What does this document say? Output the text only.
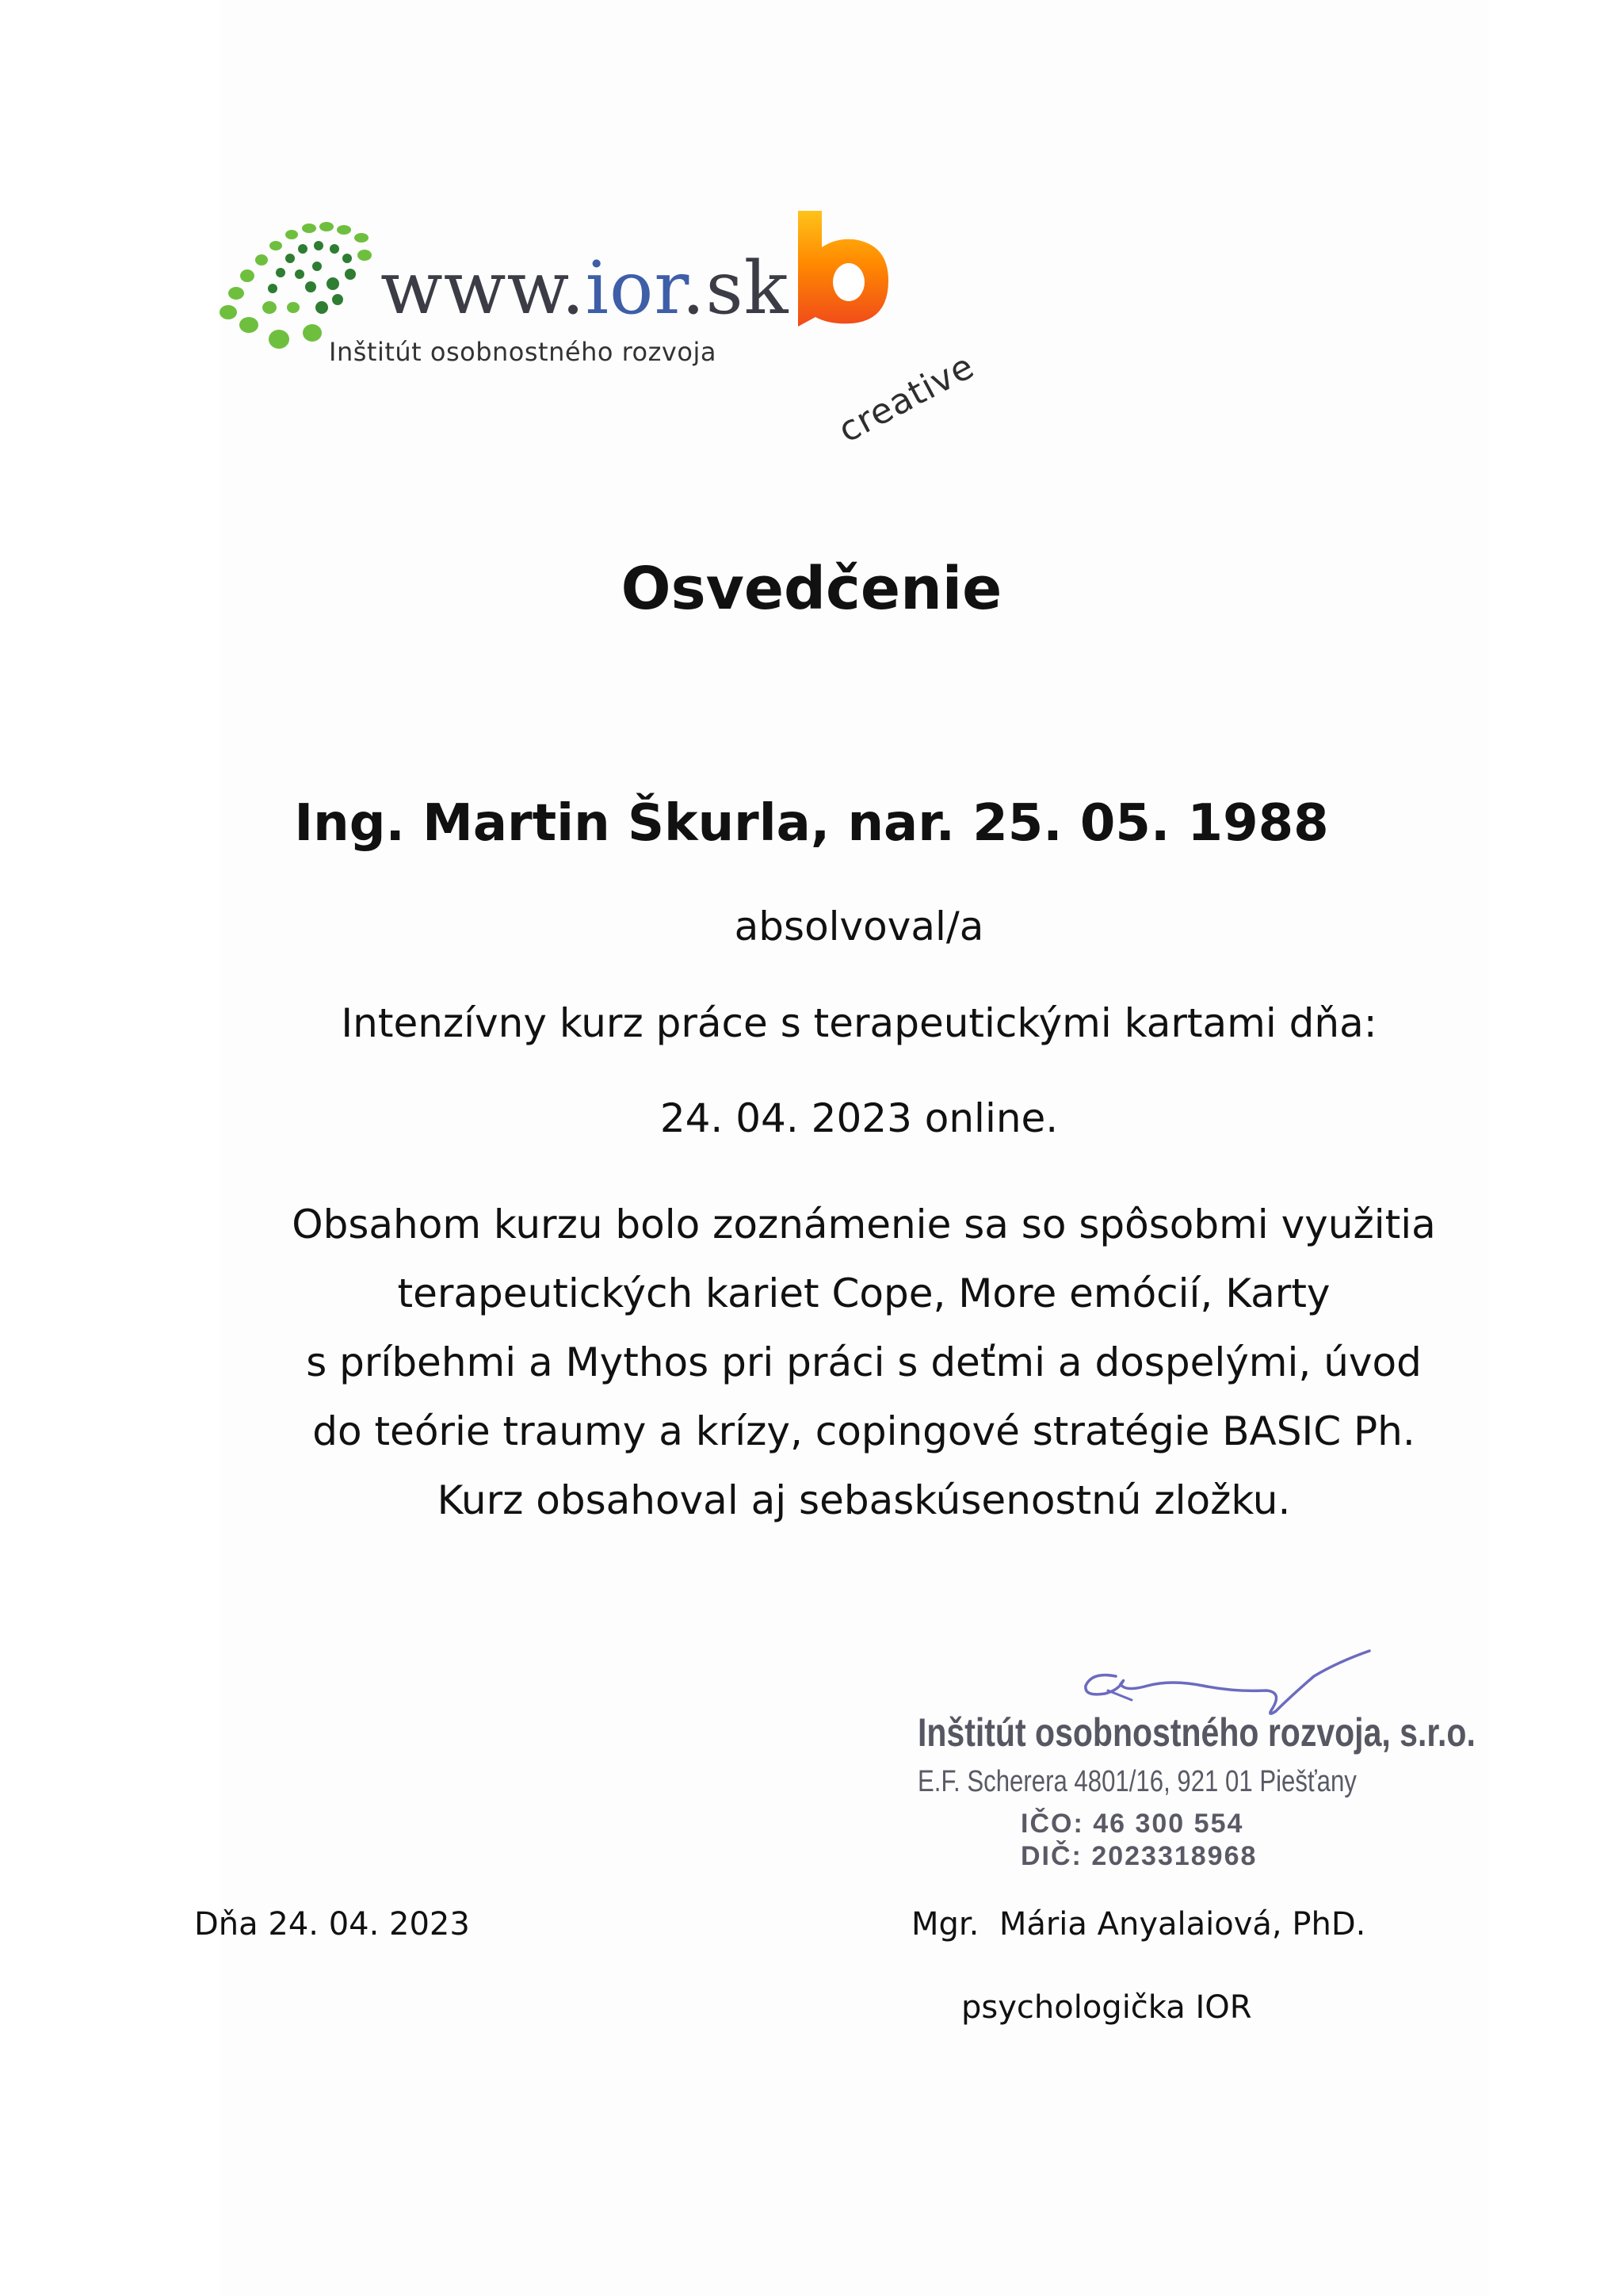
www.ior.sk
Inštitút osobnostného rozvoja	creative
Osvedčenie
Ing. Martin Škurla, nar. 25. 05. 1988
absolvoval/a
Intenzívny kurz práce s terapeutickými kartami dňa:
24. 04. 2023 online.
Obsahom kurzu bolo zoznámenie sa so spôsobmi využitia
terapeutických kariet Cope, More emócií, Karty
s príbehmi a Mythos pri práci s deťmi a dospelými, úvod
do teórie traumy a krízy, copingové stratégie BASIC Ph.
Kurz obsahoval aj sebaskúsenostnú zložku.
Inštitút osobnostného rozvoja, s.r.o.
E.F. Scherera 4801/16, 921 01 Piešťany
IČO: 46 300 554
DIČ: 2023318968
Dňa 24. 04. 2023	Mgr.  Mária Anyalaiová, PhD.
psychologička IOR
